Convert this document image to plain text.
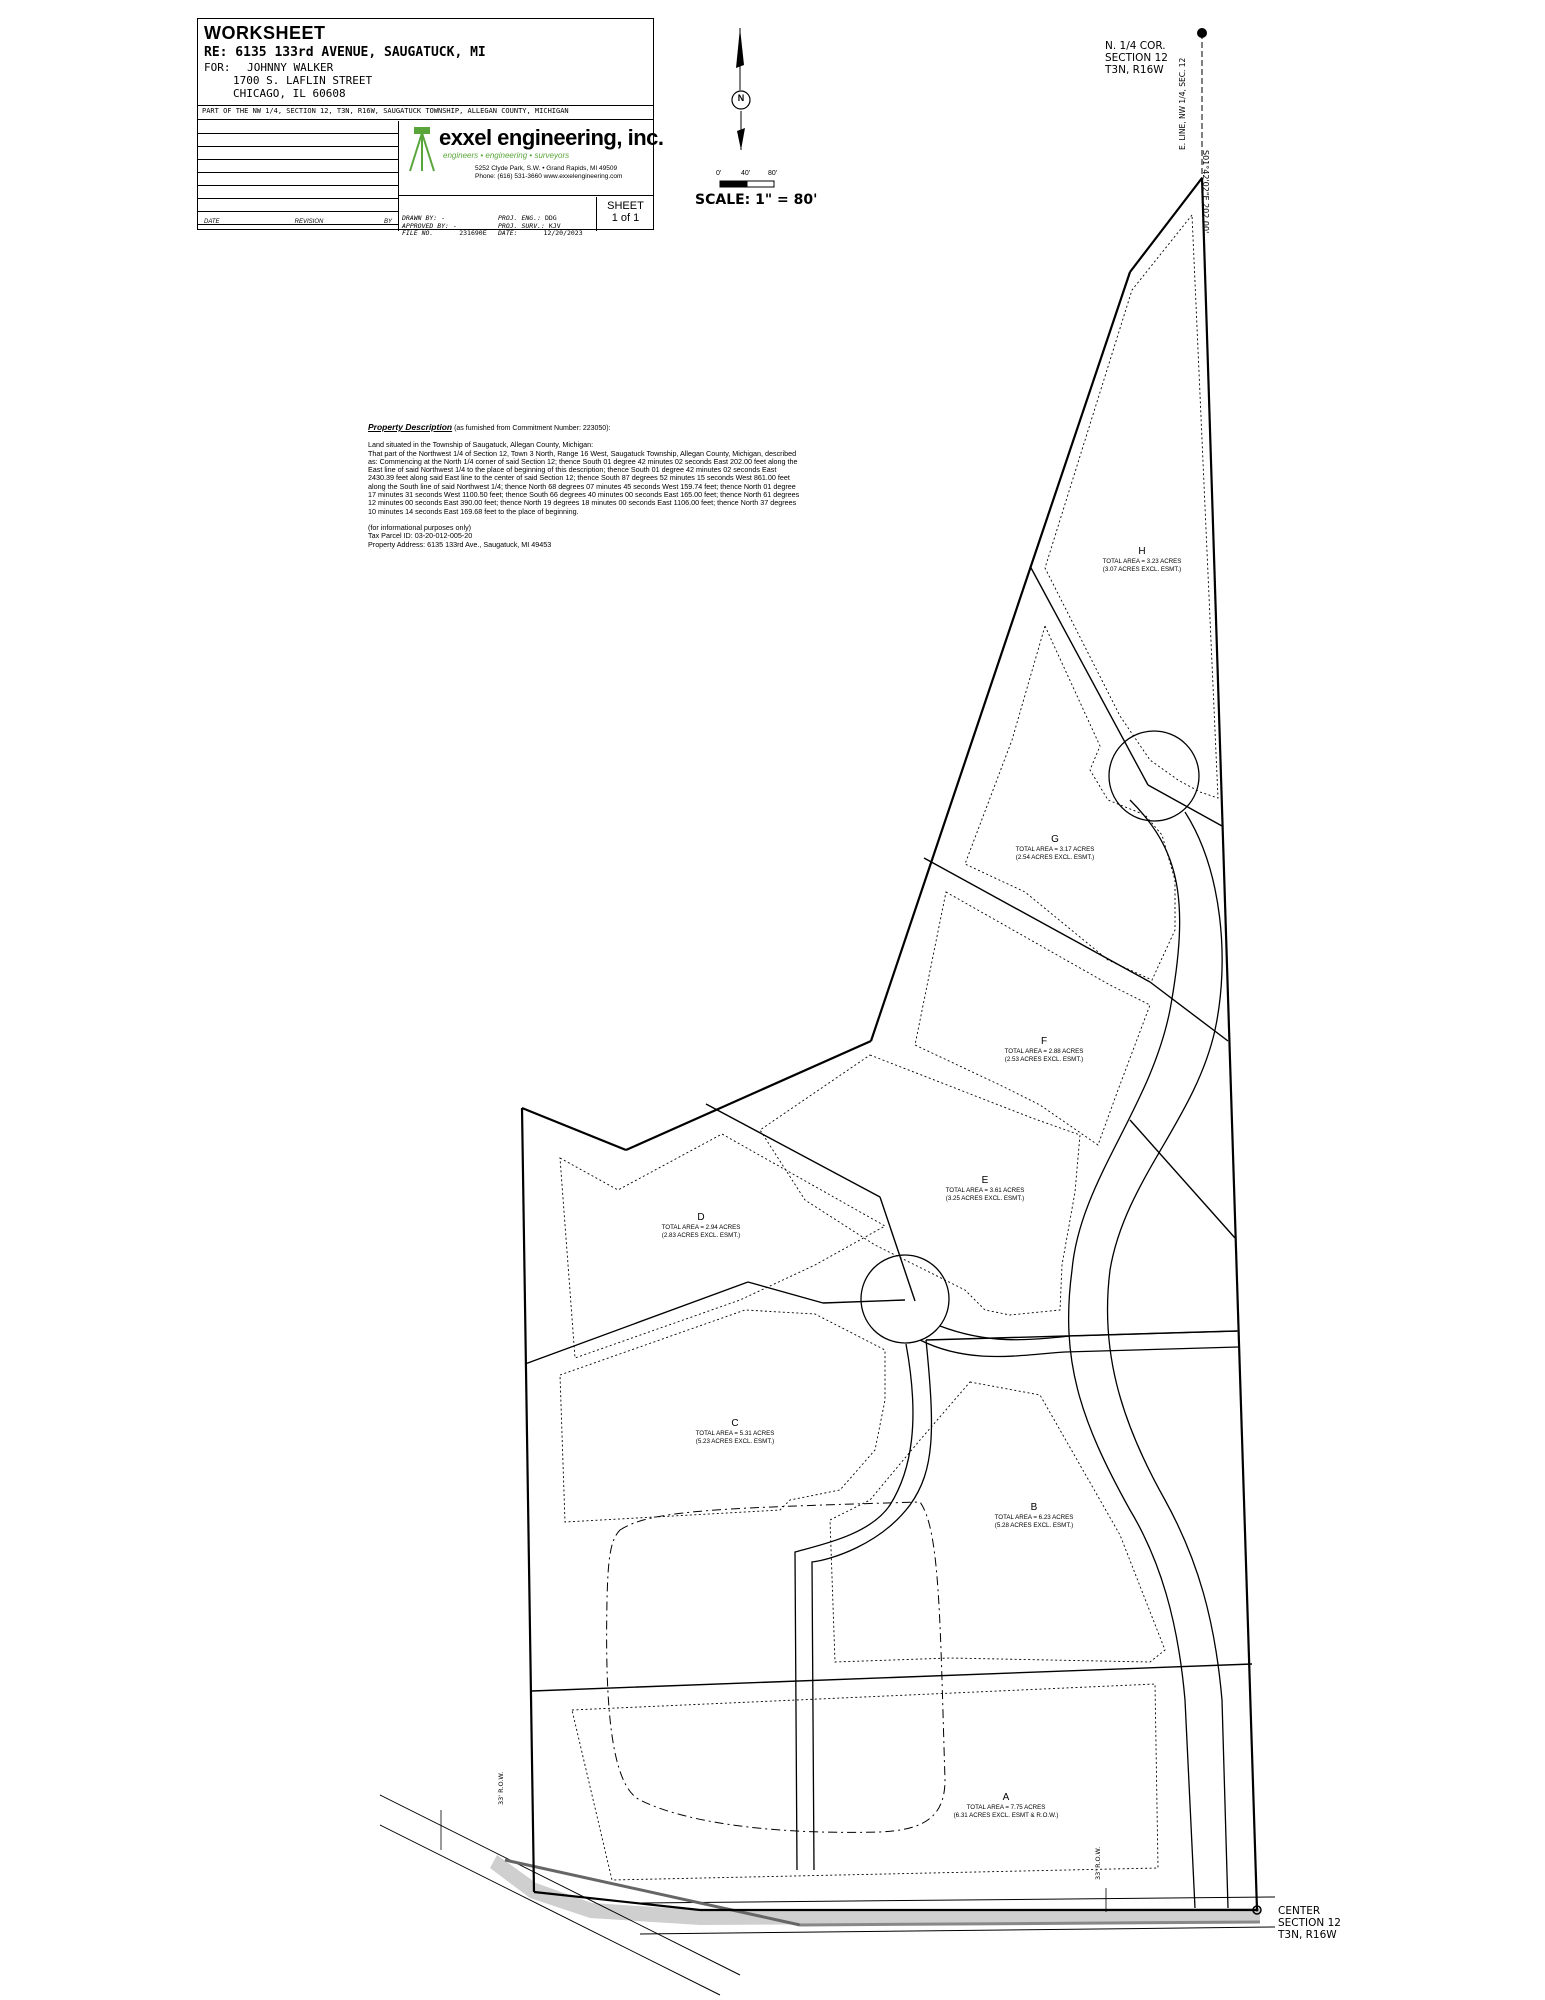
WORKSHEET
RE: 6135 133rd AVENUE, SAUGATUCK, MI
FOR: JOHNNY WALKER
1700 S. LAFLIN STREET
CHICAGO, IL 60608
PART OF THE NW 1/4, SECTION 12, T3N, R16W, SAUGATUCK TOWNSHIP, ALLEGAN COUNTY, MICHIGAN
DATE	REVISION	BY
exxel engineering, inc.
engineers • engineering • surveyors
5252 Clyde Park, S.W. • Grand Rapids, MI 49509
Phone: (616) 531-3660 www.exxelengineering.com
DRAWN BY: -
APPROVED BY: -
FILE NO.	231690E
PROJ. ENG.: DDG
PROJ. SURV.: KJV
DATE:	12/20/2023
SHEET
1 of 1
N
0'	40'	80'
SCALE: 1" = 80'
N. 1/4 COR.
SECTION 12
T3N, R16W
CENTER
SECTION 12
T3N, R16W
E. LINE, NW 1/4, SEC. 12
S01°42'02"E 202.00'
33' R.O.W.
33' R.O.W.

Property Description (as furnished from Commitment Number: 223050):

Land situated in the Township of Saugatuck, Allegan County, Michigan:

That part of the Northwest 1/4 of Section 12, Town 3 North, Range 16 West, Saugatuck Township, Allegan County, Michigan, described as: Commencing at the North 1/4 corner of said Section 12; thence South 01 degree 42 minutes 02 seconds East 202.00 feet along the East line of said Northwest 1/4 to the place of beginning of this description; thence South 01 degree 42 minutes 02 seconds East 2430.39 feet along said East line to the center of said Section 12; thence South 87 degrees 52 minutes 15 seconds West 861.00 feet along the South line of said Northwest 1/4; thence North 68 degrees 07 minutes 45 seconds West 159.74 feet; thence North 01 degree 17 minutes 31 seconds West 1100.50 feet; thence South 66 degrees 40 minutes 00 seconds East 165.00 feet; thence North 61 degrees 12 minutes 00 seconds East 390.00 feet; thence North 19 degrees 18 minutes 00 seconds East 1106.00 feet; thence North 37 degrees 10 minutes 14 seconds East 169.68 feet to the place of beginning.

(for informational purposes only)
Tax Parcel ID: 03-20-012-005-20
Property Address: 6135 133rd Ave., Saugatuck, MI 49453
H
TOTAL AREA = 3.23 ACRES
(3.07 ACRES EXCL. ESMT.)
G
TOTAL AREA = 3.17 ACRES
(2.54 ACRES EXCL. ESMT.)
F
TOTAL AREA = 2.88 ACRES
(2.53 ACRES EXCL. ESMT.)
E
TOTAL AREA = 3.61 ACRES
(3.25 ACRES EXCL. ESMT.)
D
TOTAL AREA = 2.94 ACRES
(2.83 ACRES EXCL. ESMT.)
C
TOTAL AREA = 5.31 ACRES
(5.23 ACRES EXCL. ESMT.)
B
TOTAL AREA = 6.23 ACRES
(5.28 ACRES EXCL. ESMT.)
A
TOTAL AREA = 7.75 ACRES
(6.31 ACRES EXCL. ESMT & R.O.W.)
